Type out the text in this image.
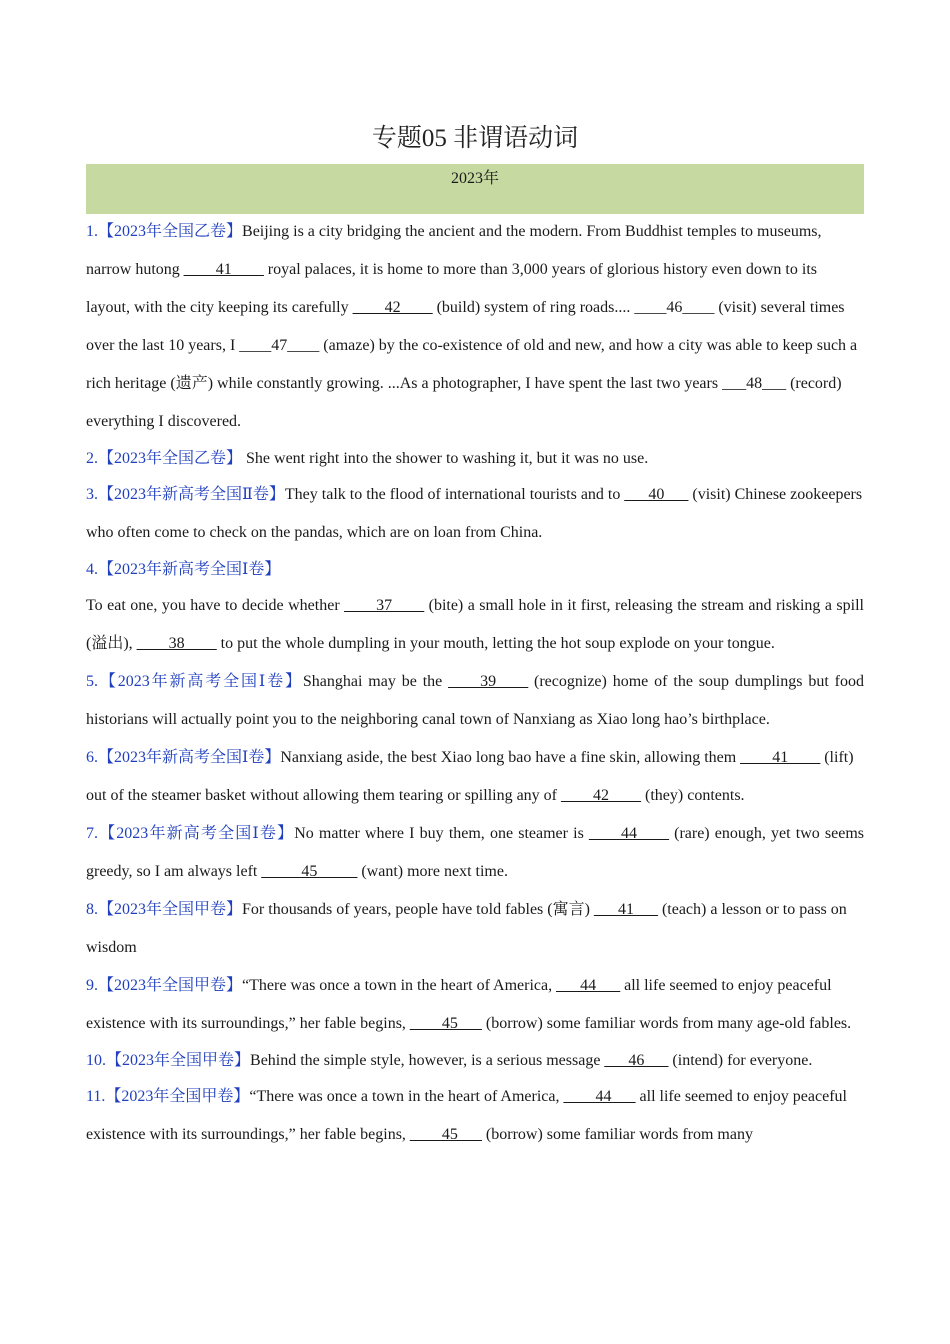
专题05 非谓语动词
2023年

1.【2023年全国乙卷】Beijing is a city bridging the ancient and the modern. From Buddhist temples to museums, narrow hutong ____41____ royal palaces, it is home to more than 3,000 years of glorious history even down to its layout, with the city keeping its carefully ____42____ (build) system of ring roads.... ____46____ (visit) several times over the last 10 years, I ____47____ (amaze) by the co-existence of old and new, and how a city was able to keep such a rich heritage (遗产) while constantly growing. ...As a photographer, I have spent the last two years ___48___ (record) everything I discovered.

2.【2023年全国乙卷】 She went right into the shower to washing it, but it was no use.

3.【2023年新高考全国Ⅱ卷】They talk to the flood of international tourists and to ___40___ (visit) Chinese zookeepers who often come to check on the pandas, which are on loan from China.

4.【2023年新高考全国Ⅰ卷】

To eat one, you have to decide whether ____37____ (bite) a small hole in it first, releasing the stream and risking a spill (溢出), ____38____ to put the whole dumpling in your mouth, letting the hot soup explode on your tongue.

5.【2023年新高考全国Ⅰ卷】Shanghai may be the ____39____ (recognize) home of the soup dumplings but food historians will actually point you to the neighboring canal town of Nanxiang as Xiao long hao’s birthplace.

6.【2023年新高考全国Ⅰ卷】Nanxiang aside, the best Xiao long bao have a fine skin, allowing them ____41____ (lift) out of the steamer basket without allowing them tearing or spilling any of ____42____ (they) contents.

7.【2023年新高考全国Ⅰ卷】No matter where I buy them, one steamer is ____44____ (rare) enough, yet two seems greedy, so I am always left _____45_____ (want) more next time.

8.【2023年全国甲卷】For thousands of years, people have told fables (寓言) ___41___ (teach) a lesson or to pass on wisdom

9.【2023年全国甲卷】“There was once a town in the heart of America, ___44___ all life seemed to enjoy peaceful existence with its surroundings,” her fable begins, ____45___ (borrow) some familiar words from many age-old fables.

10.【2023年全国甲卷】Behind the simple style, however, is a serious message ___46___ (intend) for everyone.

11.【2023年全国甲卷】“There was once a town in the heart of America, ____44___ all life seemed to enjoy peaceful existence with its surroundings,” her fable begins, ____45___ (borrow) some familiar words from many
